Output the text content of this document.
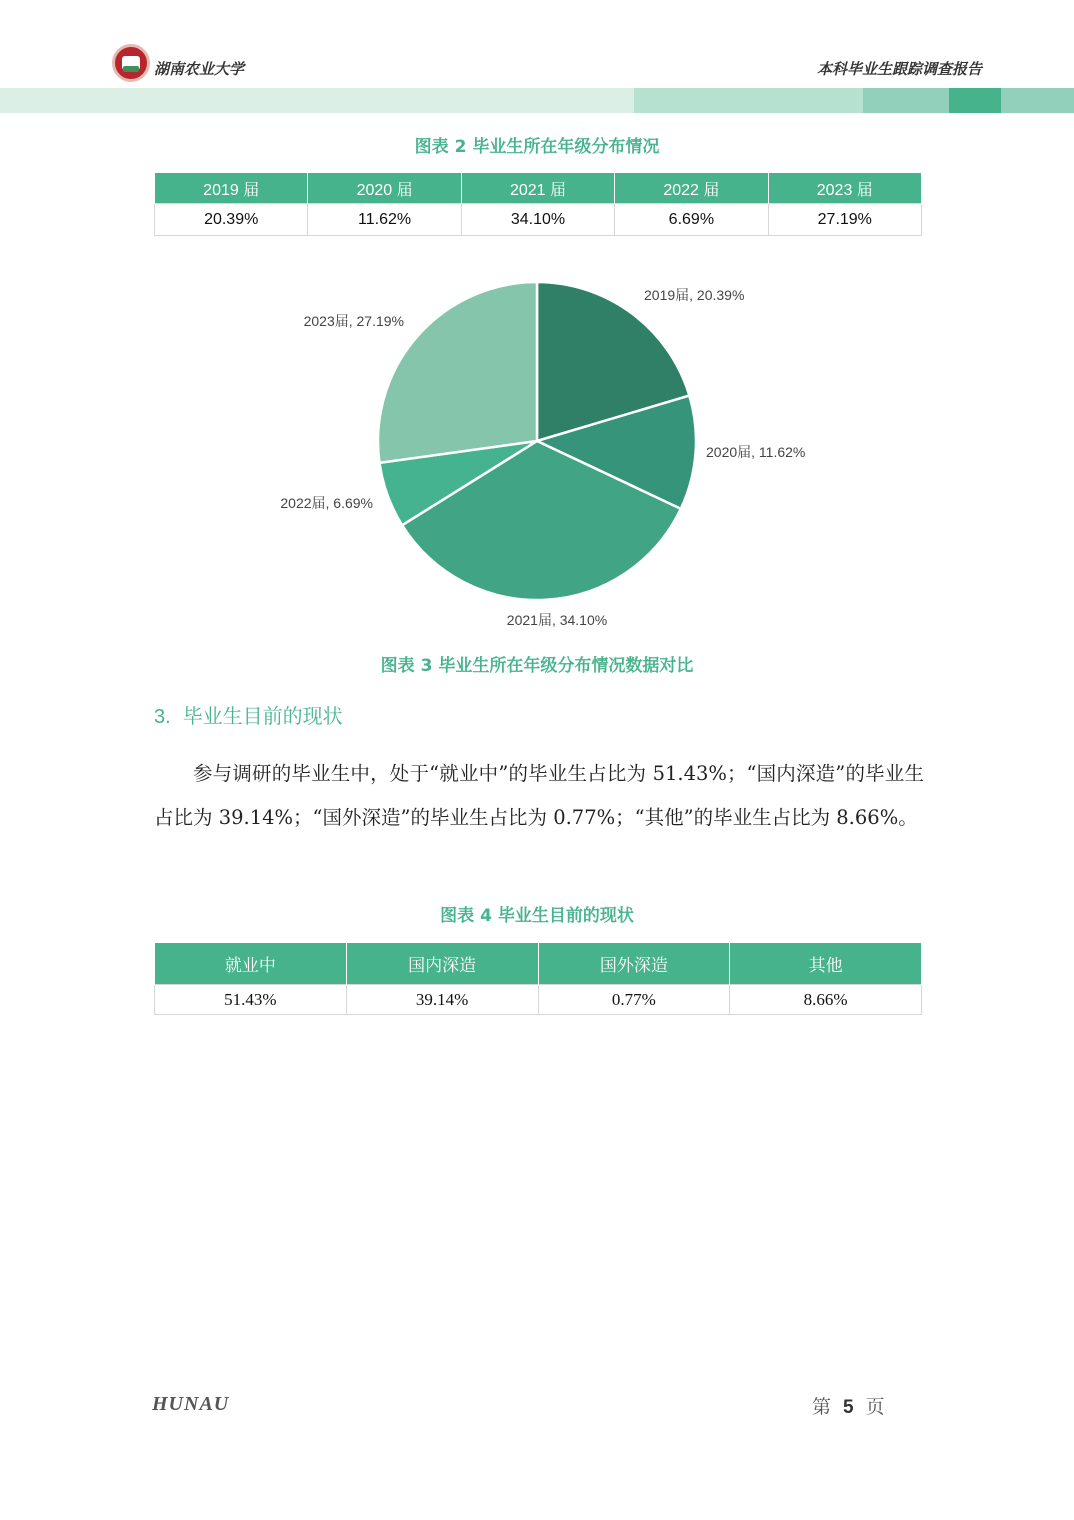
湖南农业大学	本科毕业生跟踪调查报告
图表 2 毕业生所在年级分布情况
2019 届	2020 届	2021 届	2022 届	2023 届
20.39%	11.62%	34.10%	6.69%	27.19%
2019届, 20.39%
2020届, 11.62%
2021届, 34.10%
2022届, 6.69%
2023届, 27.19%
图表 3 毕业生所在年级分布情况数据对比
3. 毕业生目前的现状

参与调研的毕业生中，处于“就业中”的毕业生占比为 51.43%；“国内深造”的毕业生占比为 39.14%；“国外深造”的毕业生占比为 0.77%；“其他”的毕业生占比为 8.66%。

图表 4 毕业生目前的现状
就业中	国内深造	国外深造	其他
51.43%	39.14%	0.77%	8.66%
HUNAU	第 5 页
